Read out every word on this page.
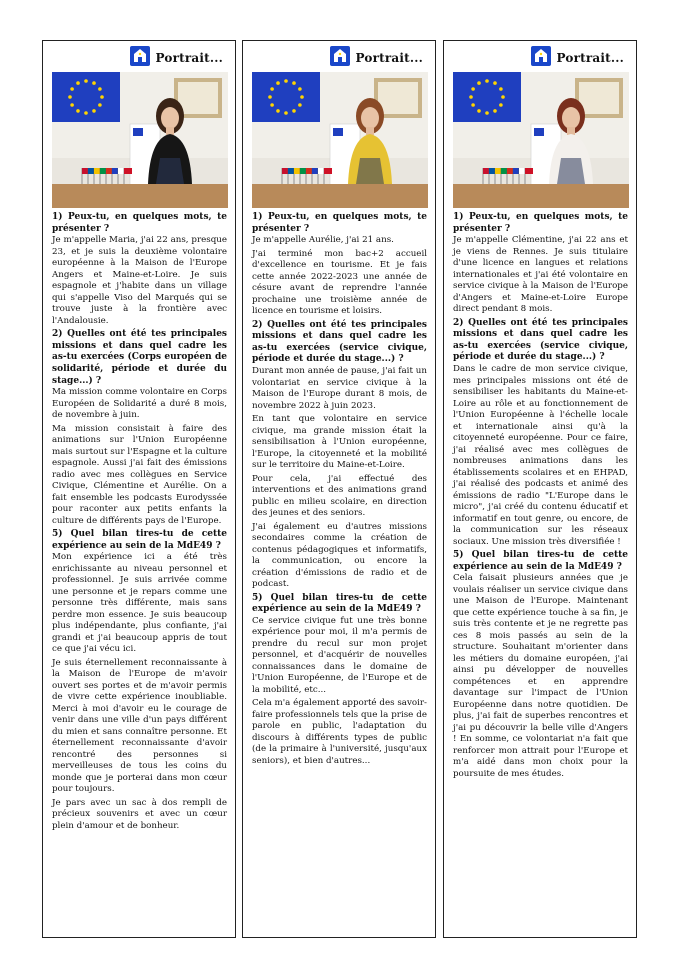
Portrait...
1) Peux-tu, en quelques mots, te présenter ?
Je m'appelle Maria, j'ai 22 ans, presque 23, et je suis la deuxième volontaire européenne à la Maison de l'Europe Angers et Maine-et-Loire. Je suis espagnole et j'habite dans un village qui s'appelle Viso del Marqués qui se trouve juste à la frontière avec l'Andalousie.
2) Quelles ont été tes principales missions et dans quel cadre les as-tu exercées (Corps européen de solidarité, période et durée du stage...) ?
Ma mission comme volontaire en Corps Européen de Solidarité a duré 8 mois, de novembre à juin.
Ma mission consistait à faire des animations sur l'Union Européenne mais surtout sur l'Espagne et la culture espagnole. Aussi j'ai fait des émissions radio avec mes collègues en Service Civique, Clémentine et Aurélie. On a fait ensemble les podcasts Eurodyssée pour raconter aux petits enfants la culture de différents pays de l'Europe.
5) Quel bilan tires-tu de cette expérience au sein de la MdE49 ?
Mon expérience ici a été très enrichissante au niveau personnel et professionnel. Je suis arrivée comme une personne et je repars comme une personne très différente, mais sans perdre mon essence. Je suis beaucoup plus indépendante, plus confiante, j'ai grandi et j'ai beaucoup appris de tout ce que j'ai vécu ici.
Je suis éternellement reconnaissante à la Maison de l'Europe de m'avoir ouvert ses portes et de m'avoir permis de vivre cette expérience inoubliable. Merci à moi d'avoir eu le courage de venir dans une ville d'un pays différent du mien et sans connaître personne. Et éternellement reconnaissante d'avoir rencontré des personnes si merveilleuses de tous les coins du monde que je porterai dans mon cœur pour toujours.
Je pars avec un sac à dos rempli de précieux souvenirs et avec un cœur plein d'amour et de bonheur.
Portrait...
1) Peux-tu, en quelques mots, te présenter ?
Je m'appelle Aurélie, j'ai 21 ans.
J'ai terminé mon bac+2 accueil d'excellence en tourisme. Et je fais cette année 2022-2023 une année de césure avant de reprendre l'année prochaine une troisième année de licence en tourisme et loisirs.
2) Quelles ont été tes principales missions et dans quel cadre les as-tu exercées (service civique, période et durée du stage...) ?
Durant mon année de pause, j'ai fait un volontariat en service civique à la Maison de l'Europe durant 8 mois, de novembre 2022 à juin 2023.
En tant que volontaire en service civique, ma grande mission était la sensibilisation à l'Union européenne, l'Europe, la citoyenneté et la mobilité sur le territoire du Maine-et-Loire.
Pour cela, j'ai effectué des interventions et des animations grand public en milieu scolaire, en direction des jeunes et des seniors.
J'ai également eu d'autres missions secondaires comme la création de contenus pédagogiques et informatifs, la communication, ou encore la création d'émissions de radio et de podcast.
5) Quel bilan tires-tu de cette expérience au sein de la MdE49 ?
Ce service civique fut une très bonne expérience pour moi, il m'a permis de prendre du recul sur mon projet personnel, et d'acquérir de nouvelles connaissances dans le domaine de l'Union Européenne, de l'Europe et de la mobilité, etc...
Cela m'a également apporté des savoir-faire professionnels tels que la prise de parole en public, l'adaptation du discours à différents types de public (de la primaire à l'université, jusqu'aux seniors), et bien d'autres...
Portrait...
1) Peux-tu, en quelques mots, te présenter ?
Je m'appelle Clémentine, j'ai 22 ans et je viens de Rennes. Je suis titulaire d'une licence en langues et relations internationales et j'ai été volontaire en service civique à la Maison de l'Europe d'Angers et Maine-et-Loire Europe direct pendant 8 mois.
2) Quelles ont été tes principales missions et dans quel cadre les as-tu exercées (service civique, période et durée du stage...) ?
Dans le cadre de mon service civique, mes principales missions ont été de sensibiliser les habitants du Maine-et-Loire au rôle et au fonctionnement de l'Union Européenne à l'échelle locale et internationale ainsi qu'à la citoyenneté européenne. Pour ce faire, j'ai réalisé avec mes collègues de nombreuses animations dans les établissements scolaires et en EHPAD, j'ai réalisé des podcasts et animé des émissions de radio "L'Europe dans le micro", j'ai créé du contenu éducatif et informatif en tout genre, ou encore, de la communication sur les réseaux sociaux. Une mission très diversifiée !
5) Quel bilan tires-tu de cette expérience au sein de la MdE49 ?
Cela faisait plusieurs années que je voulais réaliser un service civique dans une Maison de l'Europe. Maintenant que cette expérience touche à sa fin, je suis très contente et je ne regrette pas ces 8 mois passés au sein de la structure. Souhaitant m'orienter dans les métiers du domaine européen, j'ai ainsi pu développer de nouvelles compétences et en apprendre davantage sur l'impact de l'Union Européenne dans notre quotidien. De plus, j'ai fait de superbes rencontres et j'ai pu découvrir la belle ville d'Angers ! En somme, ce volontariat n'a fait que renforcer mon attrait pour l'Europe et m'a aidé dans mon choix pour la poursuite de mes études.
